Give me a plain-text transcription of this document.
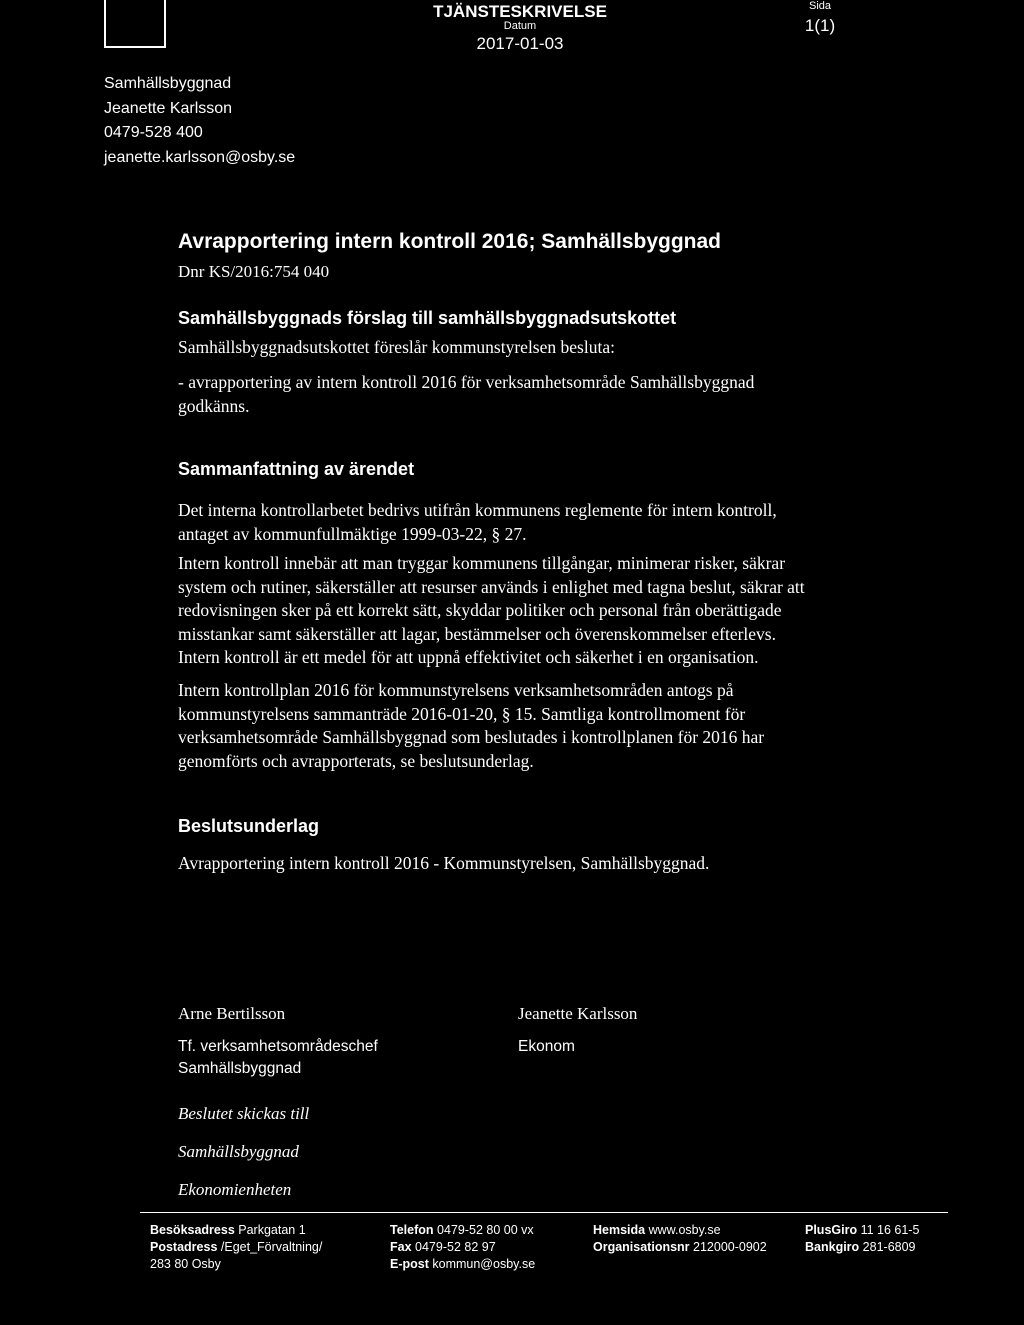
TJÄNSTESKRIVELSE
Datum
2017-01-03
Sida
1(1)
Samhällsbyggnad
Jeanette Karlsson
0479-528 400
jeanette.karlsson@osby.se
Avrapportering intern kontroll 2016; Samhällsbyggnad
Dnr KS/2016:754 040
Samhällsbyggnads förslag till samhällsbyggnadsutskottet
Samhällsbyggnadsutskottet föreslår kommunstyrelsen besluta:
- avrapportering av intern kontroll 2016 för verksamhetsområde Samhällsbyggnad
godkänns.
Sammanfattning av ärendet
Det interna kontrollarbetet bedrivs utifrån kommunens reglemente för intern kontroll,
antaget av kommunfullmäktige 1999-03-22, § 27.
Intern kontroll innebär att man tryggar kommunens tillgångar, minimerar risker, säkrar
system och rutiner, säkerställer att resurser används i enlighet med tagna beslut, säkrar att
redovisningen sker på ett korrekt sätt, skyddar politiker och personal från oberättigade
misstankar samt säkerställer att lagar, bestämmelser och överenskommelser efterlevs.
Intern kontroll är ett medel för att uppnå effektivitet och säkerhet i en organisation.
Intern kontrollplan 2016 för kommunstyrelsens verksamhetsområden antogs på
kommunstyrelsens sammanträde 2016-01-20, § 15. Samtliga kontrollmoment för
verksamhetsområde Samhällsbyggnad som beslutades i kontrollplanen för 2016 har
genomförts och avrapporterats, se beslutsunderlag.
Beslutsunderlag
Avrapportering intern kontroll 2016 - Kommunstyrelsen, Samhällsbyggnad.
Arne Bertilsson	Jeanette Karlsson
Tf. verksamhetsområdeschef
Samhällsbyggnad
Ekonom
Beslutet skickas till
Samhällsbyggnad
Ekonomienheten
Besöksadress Parkgatan 1
Postadress /Eget_Förvaltning/
283 80 Osby
Telefon 0479-52 80 00 vx
Fax 0479-52 82 97
E-post kommun@osby.se
Hemsida www.osby.se
Organisationsnr 212000-0902
PlusGiro 11 16 61-5
Bankgiro 281-6809
